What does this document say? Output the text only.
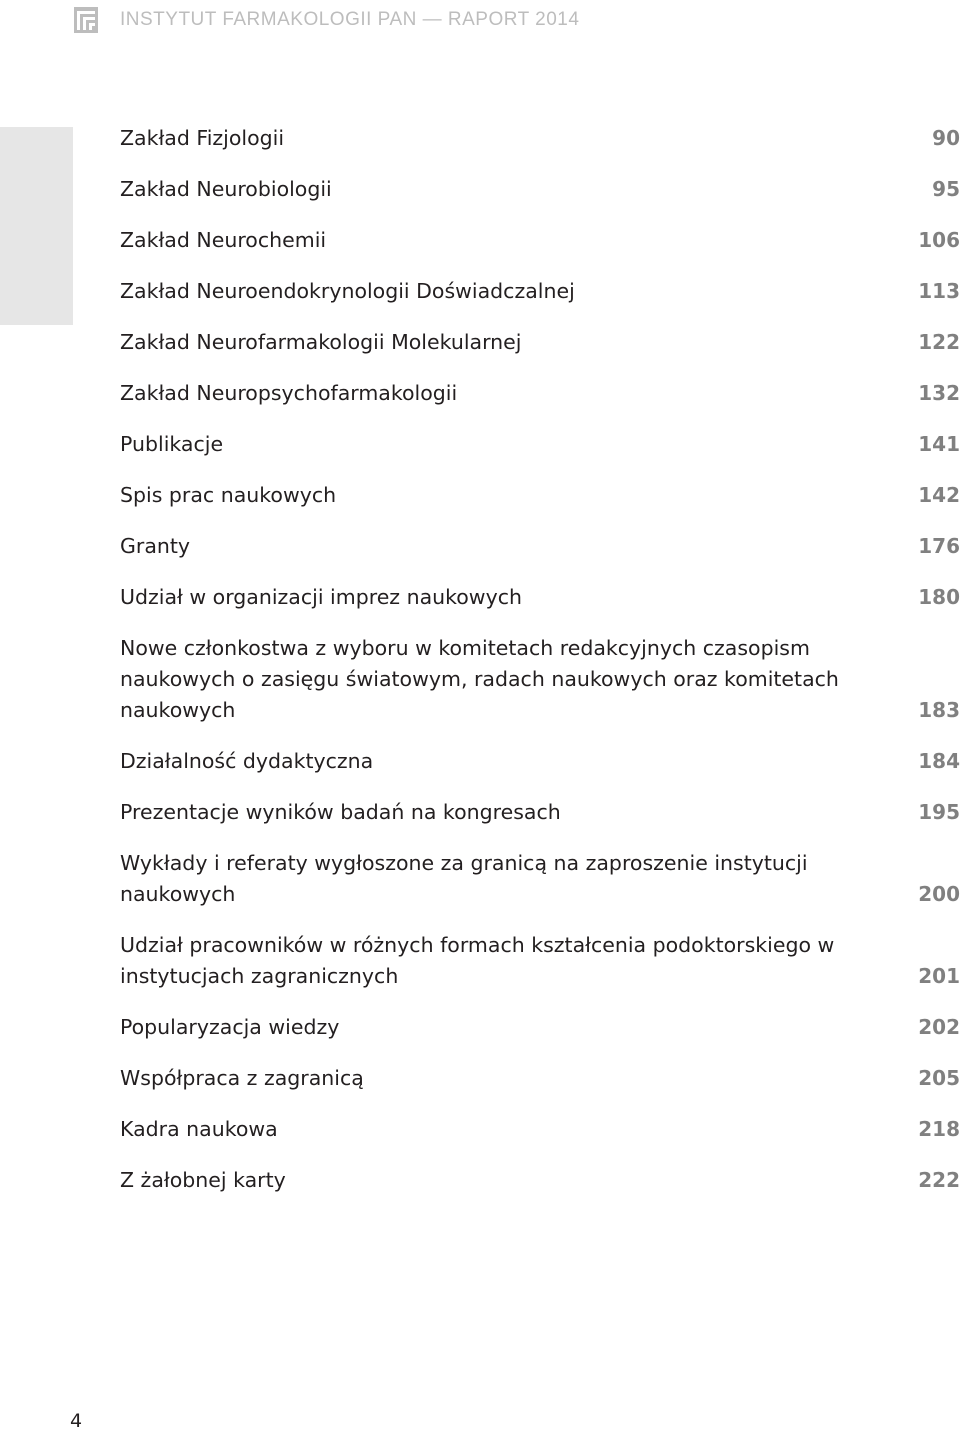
INSTYTUT FARMAKOLOGII PAN — RAPORT 2014
Zakład Fizjologii	90
Zakład Neurobiologii	95
Zakład Neurochemii	106
Zakład Neuroendokrynologii Doświadczalnej	113
Zakład Neurofarmakologii Molekularnej	122
Zakład Neuropsychofarmakologii	132
Publikacje	141
Spis prac naukowych	142
Granty	176
Udział w organizacji imprez naukowych	180
Nowe członkostwa z wyboru w komitetach redakcyjnych czasopism naukowych o zasięgu światowym, radach naukowych oraz komitetach naukowych	183
Działalność dydaktyczna	184
Prezentacje wyników badań na kongresach	195
Wykłady i referaty wygłoszone za granicą na zaproszenie instytucji naukowych	200
Udział pracowników w różnych formach kształcenia podoktorskiego w instytucjach zagranicznych	201
Popularyzacja wiedzy	202
Współpraca z zagranicą	205
Kadra naukowa	218
Z żałobnej karty	222
4
